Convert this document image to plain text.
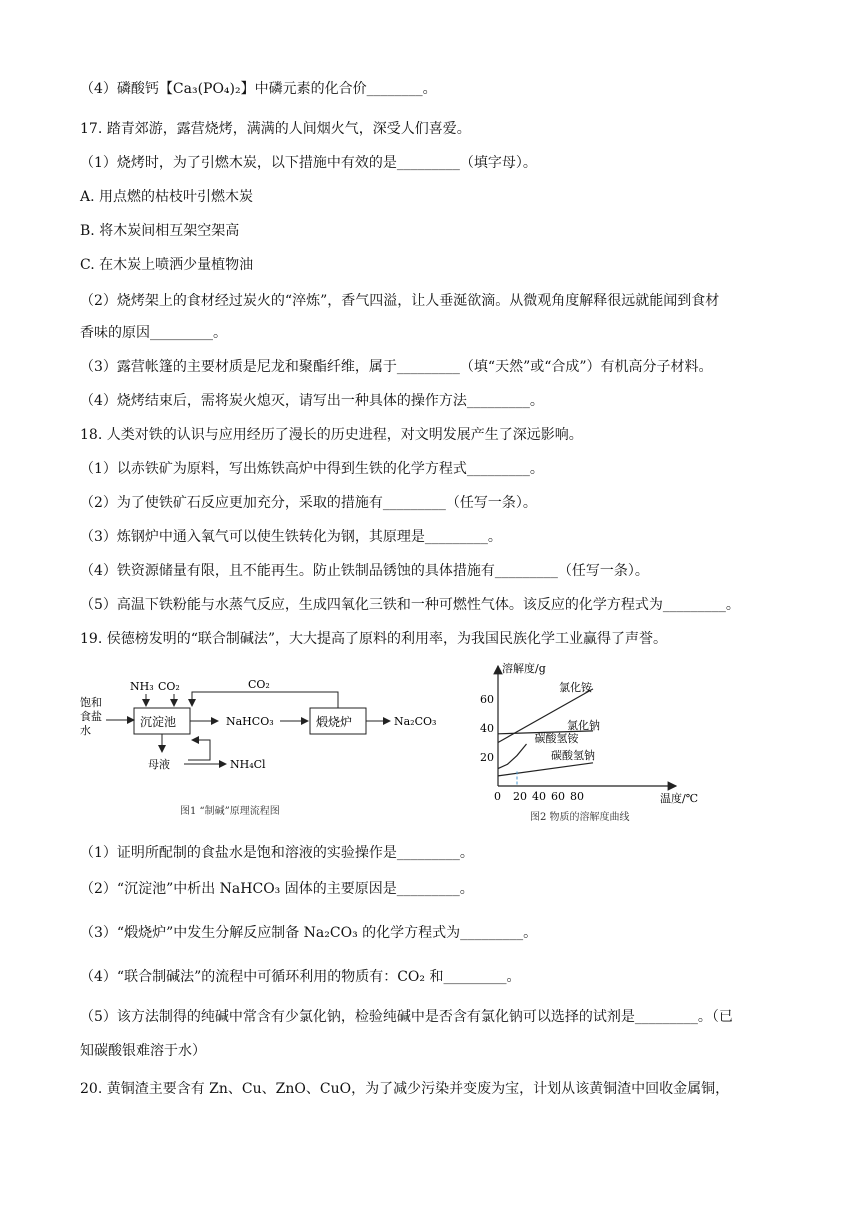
（4）磷酸钙【Ca₃(PO₄)₂】中磷元素的化合价________。
17. 踏青郊游，露营烧烤，满满的人间烟火气，深受人们喜爱。
（1）烧烤时，为了引燃木炭，以下措施中有效的是_________（填字母）。
A. 用点燃的枯枝叶引燃木炭
B. 将木炭间相互架空架高
C. 在木炭上喷洒少量植物油
（2）烧烤架上的食材经过炭火的“淬炼”，香气四溢，让人垂涎欲滴。从微观角度解释很远就能闻到食材
香味的原因_________。
（3）露营帐篷的主要材质是尼龙和聚酯纤维，属于_________（填“天然”或“合成”）有机高分子材料。
（4）烧烤结束后，需将炭火熄灭，请写出一种具体的操作方法_________。
18. 人类对铁的认识与应用经历了漫长的历史进程，对文明发展产生了深远影响。
（1）以赤铁矿为原料，写出炼铁高炉中得到生铁的化学方程式_________。
（2）为了使铁矿石反应更加充分，采取的措施有_________（任写一条）。
（3）炼钢炉中通入氧气可以使生铁转化为钢，其原理是_________。
（4）铁资源储量有限，且不能再生。防止铁制品锈蚀的具体措施有_________（任写一条）。
（5）高温下铁粉能与水蒸气反应，生成四氧化三铁和一种可燃性气体。该反应的化学方程式为_________。
19. 侯德榜发明的“联合制碱法”，大大提高了原料的利用率，为我国民族化学工业赢得了声誉。
饱和
食盐
水
NH₃ CO₂
沉淀池	NaHCO₃	煅烧炉	Na₂CO₃
CO₂
母液	NH₄Cl
图1 “制碱”原理流程图
溶解度/g
温度/℃
0 20 40 60 80
20
40
60
氯化铵
氯化钠
碳酸氢铵
碳酸氢钠
图2 物质的溶解度曲线
（1）证明所配制的食盐水是饱和溶液的实验操作是_________。
（2）“沉淀池”中析出 NaHCO₃ 固体的主要原因是_________。
（3）“煅烧炉”中发生分解反应制备 Na₂CO₃ 的化学方程式为_________。
（4）“联合制碱法”的流程中可循环利用的物质有：CO₂ 和_________。
（5）该方法制得的纯碱中常含有少氯化钠，检验纯碱中是否含有氯化钠可以选择的试剂是_________。（已
知碳酸银难溶于水）
20. 黄铜渣主要含有 Zn、Cu、ZnO、CuO，为了减少污染并变废为宝，计划从该黄铜渣中回收金属铜，
